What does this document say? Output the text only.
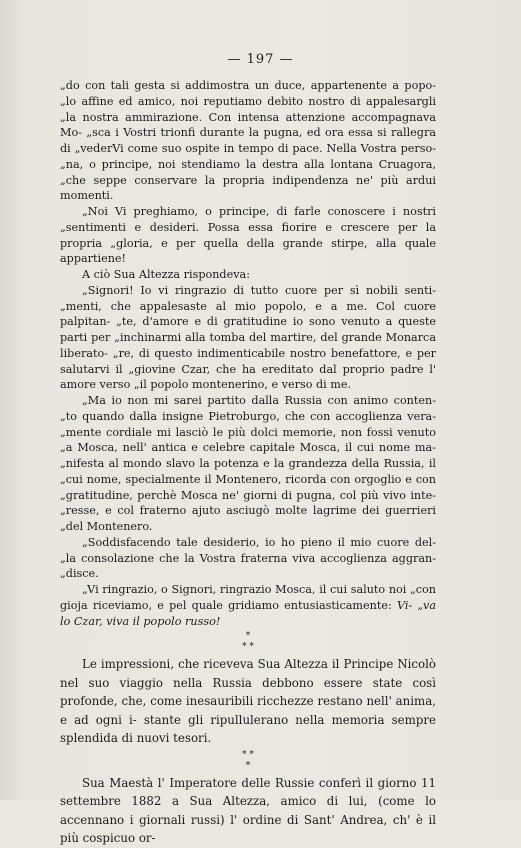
— 197 —

„do con tali gesta si addimostra un duce, appartenente a popo- „lo affine ed amico, noi reputiamo debito nostro di appalesargli „la nostra ammirazione. Con intensa attenzione accompagnava Mo- „sca i Vostri trionfi durante la pugna, ed ora essa si rallegra di „vederVi come suo ospite in tempo di pace. Nella Vostra perso- „na, o principe, noi stendiamo la destra alla lontana Cruagora, „che seppe conservare la propria indipendenza ne' più ardui momenti.

„Noi Vi preghiamo, o principe, di farle conoscere i nostri „sentimenti e desideri. Possa essa fiorire e crescere per la propria „gloria, e per quella della grande stirpe, alla quale appartiene!

A ciò Sua Altezza rispondeva:

„Signori! Io vi ringrazio di tutto cuore per sì nobili senti- „menti, che appalesaste al mio popolo, e a me. Col cuore palpitan- „te, d'amore e di gratitudine io sono venuto a queste parti per „inchinarmi alla tomba del martire, del grande Monarca liberato- „re, di questo indimenticabile nostro benefattore, e per salutarvi il „giovine Czar, che ha ereditato dal proprio padre l' amore verso „il popolo montenerino, e verso di me.

„Ma io non mi sarei partito dalla Russia con animo conten- „to quando dalla insigne Pietroburgo, che con accoglienza vera- „mente cordiale mi lasciò le più dolci memorie, non fossi venuto „a Mosca, nell' antica e celebre capitale Mosca, il cui nome ma- „nifesta al mondo slavo la potenza e la grandezza della Russia, il „cui nome, specialmente il Montenero, ricorda con orgoglio e con „gratitudine, perchè Mosca ne' giorni di pugna, col più vivo inte- „resse, e col fraterno ajuto asciugò molte lagrime dei guerrieri „del Montenero.

„Soddisfacendo tale desiderio, io ho pieno il mio cuore del- „la consolazione che la Vostra fraterna viva accoglienza aggran- „disce.

„Vi ringrazio, o Signori, ringrazio Mosca, il cui saluto noi „con gioja riceviamo, e pel quale gridiamo entusiasticamente: Vi- „va lo Czar, viva il popolo russo!

*
* *

Le impressioni, che riceveva Sua Altezza il Principe Nicolò nel suo viaggio nella Russia debbono essere state così profonde, che, come inesauribili ricchezze restano nell' anima, e ad ogni i- stante gli ripullulerano nella memoria sempre splendida di nuovi tesori.

* *
*

Sua Maestà l' Imperatore delle Russie conferì il giorno 11 settembre 1882 a Sua Altezza, amico di lui, (come lo accennano i giornali russi) l' ordine di Sant' Andrea, ch' è il più cospicuo or-
